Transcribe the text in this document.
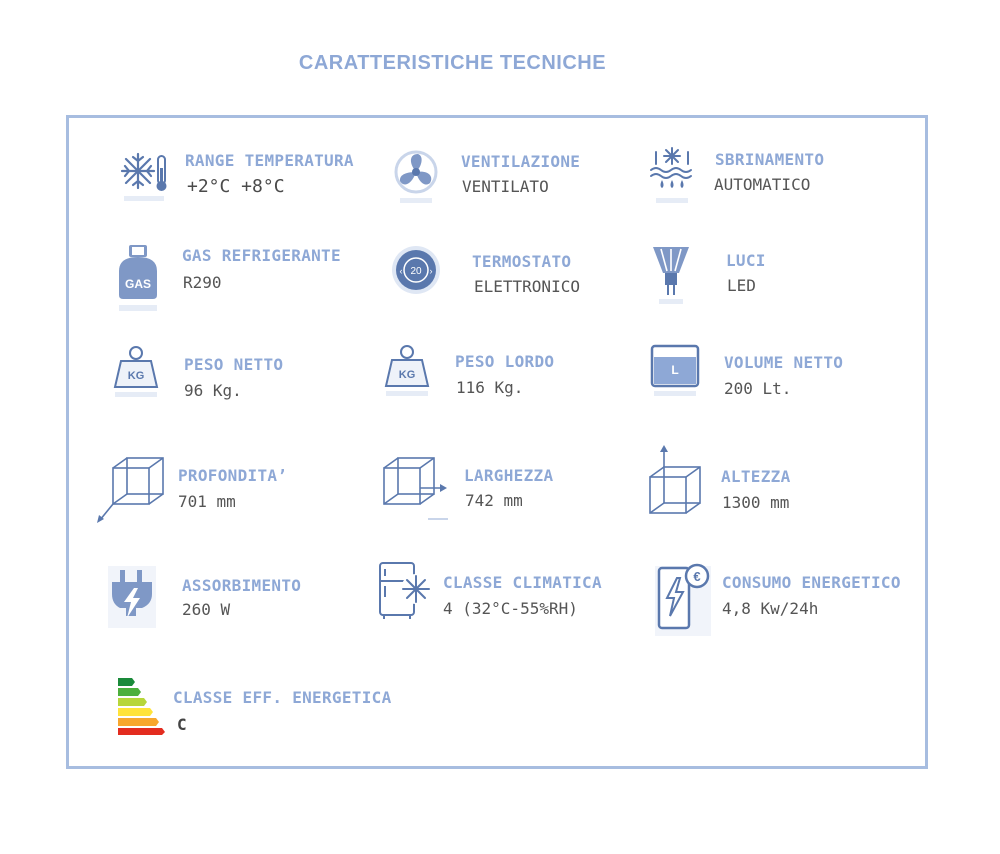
CARATTERISTICHE TECNICHE
RANGE TEMPERATURA
+2°C +8°C
VENTILAZIONE
VENTILATO
SBRINAMENTO
AUTOMATICO
GAS
GAS REFRIGERANTE
R290
20
‹	› TERMOSTATO
ELETTRONICO
LUCI
LED
KG
PESO NETTO
96 Kg.
KG
PESO LORDO
116 Kg.
L	VOLUME NETTO
200 Lt.
PROFONDITA’
701 mm
LARGHEZZA
742 mm
ALTEZZA
1300 mm
ASSORBIMENTO
260 W
CLASSE CLIMATICA
4 (32°C-55%RH)
€ CONSUMO ENERGETICO
4,8 Kw/24h
CLASSE EFF. ENERGETICA
C
